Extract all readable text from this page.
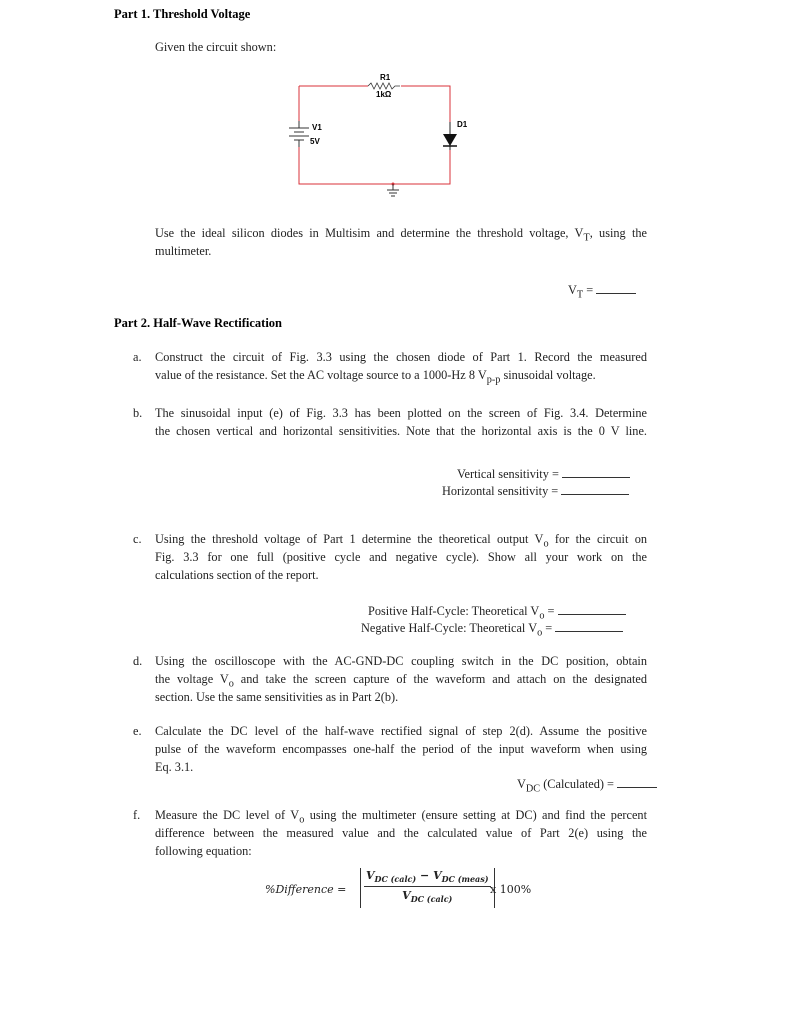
Part 1. Threshold Voltage
Given the circuit shown:
R1
1kΩ
V1
5V
D1
Use the ideal silicon diodes in Multisim and determine the threshold voltage, $V_T$, using the
multimeter.
$V_T$ =
Part 2. Half-Wave Rectification
a. Construct the circuit of Fig. 3.3 using the chosen diode of Part 1. Record the measured
value of the resistance. Set the AC voltage source to a 1000-Hz 8 $V_{p-p}$ sinusoidal voltage.
b. The sinusoidal input (e) of Fig. 3.3 has been plotted on the screen of Fig. 3.4. Determine
the chosen vertical and horizontal sensitivities. Note that the horizontal axis is the 0 V line.
Vertical sensitivity =
Horizontal sensitivity =
c. Using the threshold voltage of Part 1 determine the theoretical output $V_o$ for the circuit on
Fig. 3.3 for one full (positive cycle and negative cycle). Show all your work on the
calculations section of the report.
Positive Half-Cycle: Theoretical $V_o$ =
Negative Half-Cycle: Theoretical $V_o$ =
d. Using the oscilloscope with the AC-GND-DC coupling switch in the DC position, obtain
the voltage $V_o$ and take the screen capture of the waveform and attach on the designated
section. Use the same sensitivities as in Part 2(b).
e. Calculate the DC level of the half-wave rectified signal of step 2(d). Assume the positive
pulse of the waveform encompasses one-half the period of the input waveform when using
Eq. 3.1.
$V_{DC}$ (Calculated) =
f. Measure the DC level of $V_o$ using the multimeter (ensure setting at DC) and find the percent
difference between the measured value and the calculated value of Part 2(e) using the
following equation:
%Difference =
$V_{DC (calc)} - V_{DC (meas)}$
$V_{DC (calc)}$
x 100%
